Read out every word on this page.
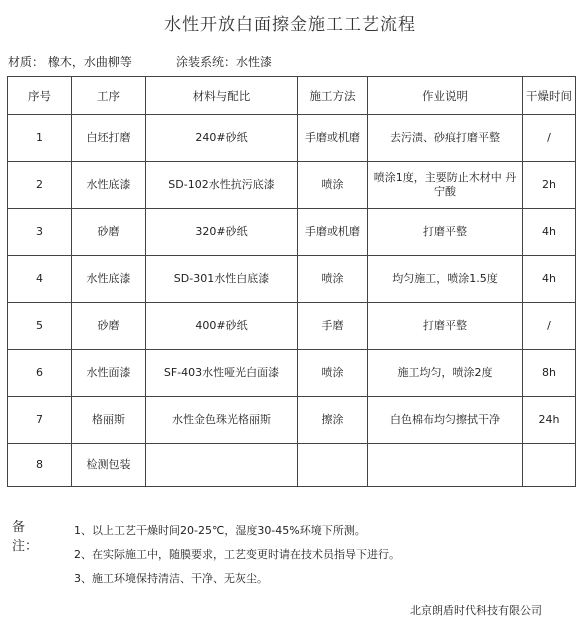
水性开放白面擦金施工工艺流程
材质： 橡木，水曲柳等	涂装系统：水性漆
序号	工序	材料与配比	施工方法	作业说明	干燥时间
1	白坯打磨	240#砂纸	手磨或机磨	去污渍、砂痕打磨平整	/
2	水性底漆	SD-102水性抗污底漆	喷涂	喷涂1度，主要防止木材中 丹宁酸	2h
3	砂磨	320#砂纸	手磨或机磨	打磨平整	4h
4	水性底漆	SD-301水性白底漆	喷涂	均匀施工，喷涂1.5度	4h
5	砂磨	400#砂纸	手磨	打磨平整	/
6	水性面漆	SF-403水性哑光白面漆	喷涂	施工均匀，喷涂2度	8h
7	格丽斯	水性金色珠光格丽斯	擦涂	白色棉布均匀擦拭干净	24h
8	检测包装				
备注：
1、以上工艺干燥时间20-25℃，湿度30-45%环境下所测。
2、在实际施工中，随膜要求，工艺变更时请在技术员指导下进行。
3、施工环境保持清洁、干净、无灰尘。
北京朗盾时代科技有限公司
